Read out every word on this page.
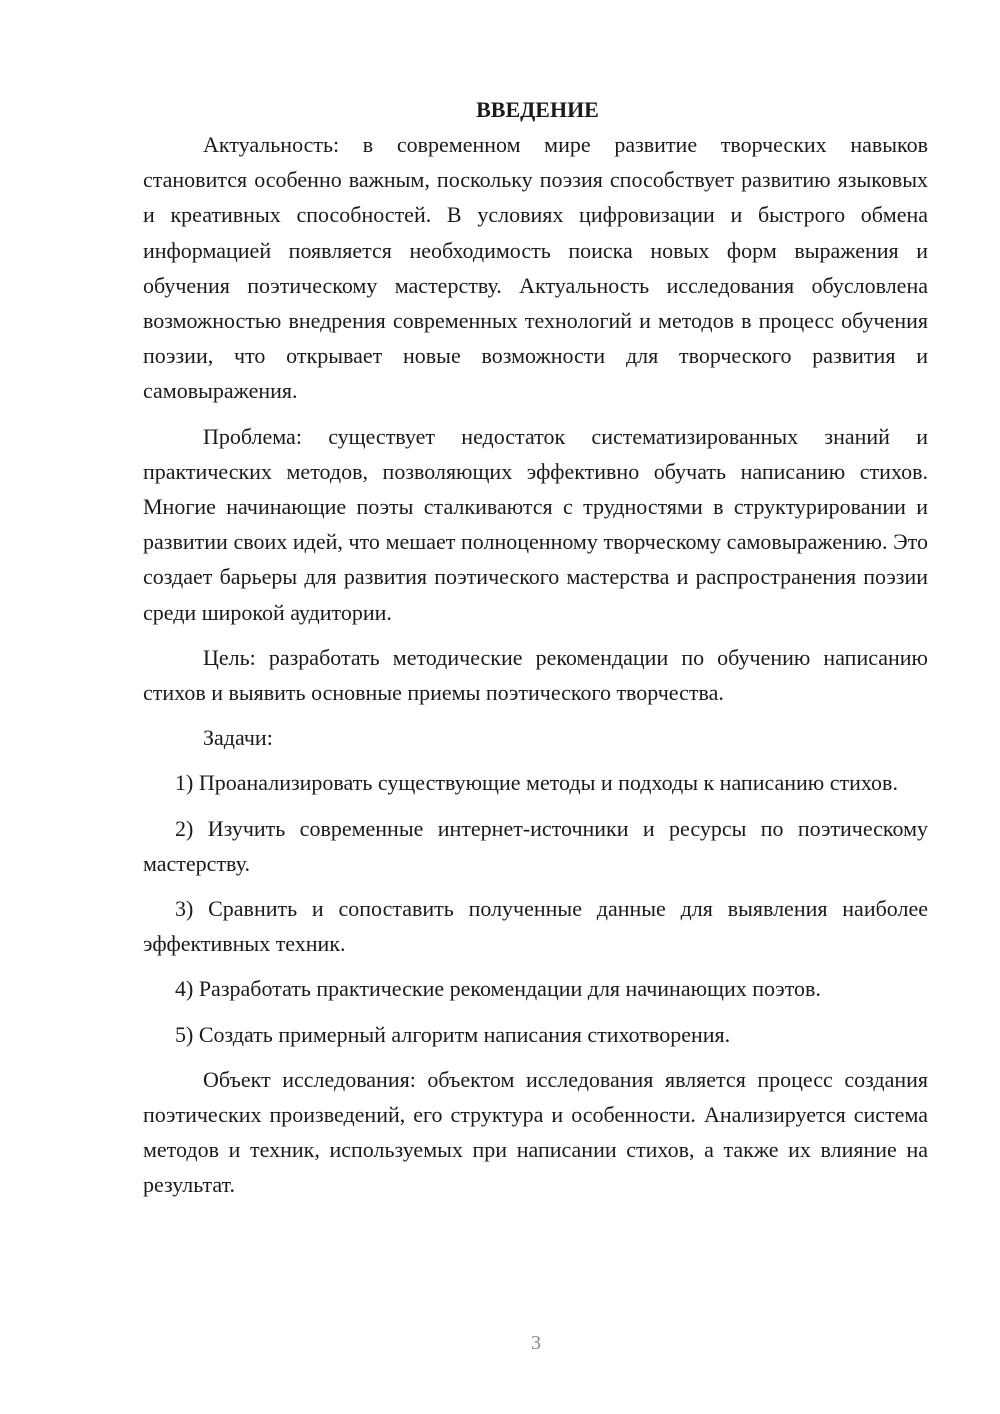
ВВЕДЕНИЕ

Актуальность: в современном мире развитие творческих навыков становится особенно важным, поскольку поэзия способствует развитию языковых и креативных способностей. В условиях цифровизации и быстрого обмена информацией появляется необходимость поиска новых форм выражения и обучения поэтическому мастерству. Актуальность исследования обусловлена возможностью внедрения современных технологий и методов в процесс обучения поэзии, что открывает новые возможности для творческого развития и самовыражения.

Проблема: существует недостаток систематизированных знаний и практических методов, позволяющих эффективно обучать написанию стихов. Многие начинающие поэты сталкиваются с трудностями в структурировании и развитии своих идей, что мешает полноценному творческому самовыражению. Это создает барьеры для развития поэтического мастерства и распространения поэзии среди широкой аудитории.

Цель: разработать методические рекомендации по обучению написанию стихов и выявить основные приемы поэтического творчества.

Задачи:

1) Проанализировать существующие методы и подходы к написанию стихов.

2) Изучить современные интернет-источники и ресурсы по поэтическому мастерству.

3) Сравнить и сопоставить полученные данные для выявления наиболее эффективных техник.

4) Разработать практические рекомендации для начинающих поэтов.

5) Создать примерный алгоритм написания стихотворения.

Объект исследования: объектом исследования является процесс создания поэтических произведений, его структура и особенности. Анализируется система методов и техник, используемых при написании стихов, а также их влияние на результат.

3
